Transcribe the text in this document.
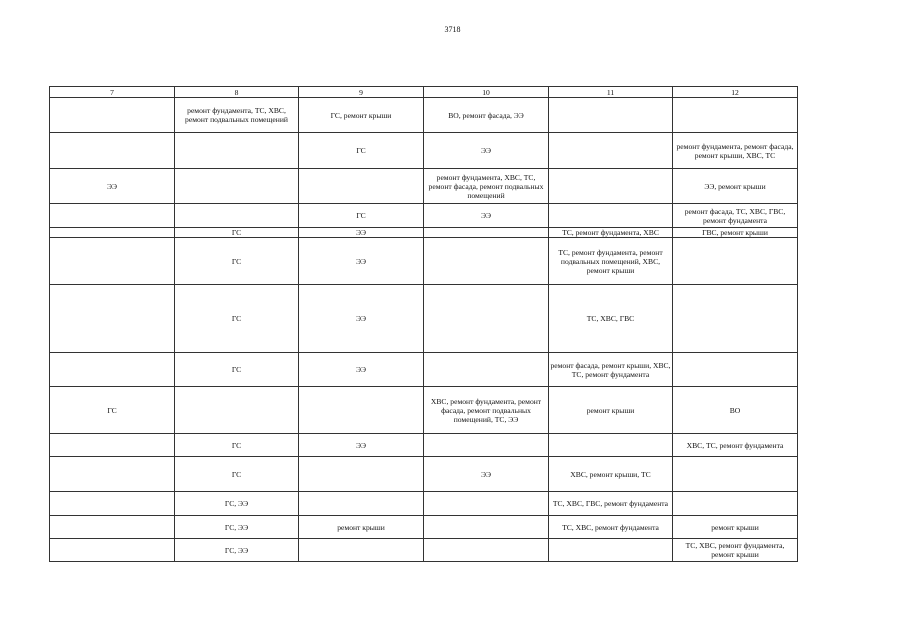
3718
7	8	9	10	11	12
	ремонт фундамента, ТС, ХВС, ремонт подвальных помещений	ГС, ремонт крыши	ВО, ремонт фасада, ЭЭ		
		ГС	ЭЭ		ремонт фундамента, ремонт фасада, ремонт крыши, ХВС, ТС
ЭЭ			ремонт фундамента, ХВС, ТС, ремонт фасада, ремонт подвальных помещений		ЭЭ, ремонт крыши
		ГС	ЭЭ		ремонт фасада, ТС, ХВС, ГВС, ремонт фундамента
	ГС	ЭЭ		ТС, ремонт фундамента, ХВС	ГВС, ремонт крыши
	ГС	ЭЭ		ТС, ремонт фундамента, ремонт подвальных помещений, ХВС, ремонт крыши	
	ГС	ЭЭ		ТС, ХВС, ГВС	
	ГС	ЭЭ		ремонт фасада, ремонт крыши, ХВС, ТС, ремонт фундамента	
ГС			ХВС, ремонт фундамента, ремонт фасада, ремонт подвальных помещений, ТС, ЭЭ	ремонт крыши	ВО
	ГС	ЭЭ			ХВС, ТС, ремонт фундамента
	ГС		ЭЭ	ХВС, ремонт крыши, ТС	
	ГС, ЭЭ			ТС, ХВС, ГВС, ремонт фундамента	
	ГС, ЭЭ	ремонт крыши		ТС, ХВС, ремонт фундамента	ремонт крыши
	ГС, ЭЭ				ТС, ХВС, ремонт фундамента, ремонт крыши
